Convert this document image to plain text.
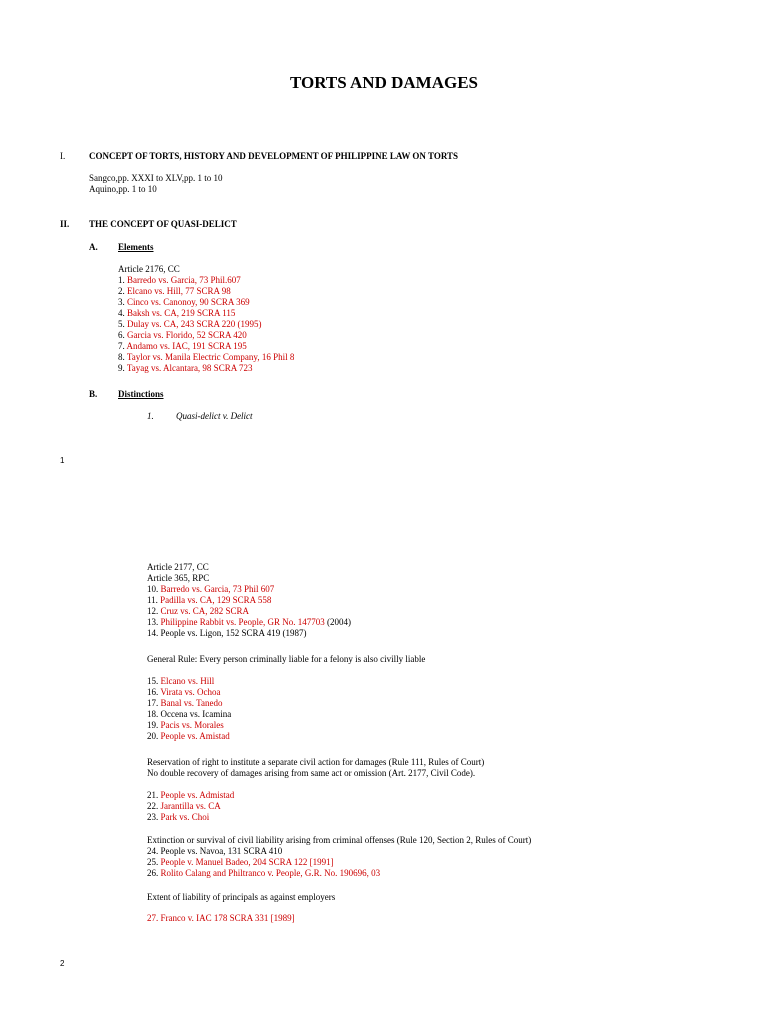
TORTS AND DAMAGES
I.	CONCEPT OF TORTS, HISTORY AND DEVELOPMENT OF PHILIPPINE LAW ON TORTS
Sangco,pp. XXXI to XLV,pp. 1 to 10
Aquino,pp. 1 to 10
II. THE CONCEPT OF QUASI-DELICT
A. Elements
Article 2176, CC
1. Barredo vs. Garcia, 73 Phil.607
2. Elcano vs. Hill, 77 SCRA 98
3. Cinco vs. Canonoy, 90 SCRA 369
4. Baksh vs. CA, 219 SCRA 115
5. Dulay vs. CA, 243 SCRA 220 (1995)
6. Garcia vs. Florido, 52 SCRA 420
7. Andamo vs. IAC, 191 SCRA 195
8. Taylor vs. Manila Electric Company, 16 Phil 8
9. Tayag vs. Alcantara, 98 SCRA 723
B. Distinctions
1. Quasi-delict v. Delict
1
Article 2177, CC
Article 365, RPC
10. Barredo vs. Garcia, 73 Phil 607
11. Padilla vs. CA, 129 SCRA 558
12. Cruz vs. CA, 282 SCRA
13. Philippine Rabbit vs. People, GR No. 147703 (2004)
14. People vs. Ligon, 152 SCRA 419 (1987)
General Rule: Every person criminally liable for a felony is also civilly liable
15. Elcano vs. Hill
16. Virata vs. Ochoa
17. Banal vs. Tanedo
18. Occena vs. Icamina
19. Pacis vs. Morales
20. People vs. Amistad
Reservation of right to institute a separate civil action for damages (Rule 111, Rules of Court)
No double recovery of damages arising from same act or omission (Art. 2177, Civil Code).
21. People vs. Admistad
22. Jarantilla vs. CA
23. Park vs. Choi
Extinction or survival of civil liability arising from criminal offenses (Rule 120, Section 2, Rules of Court)
24. People vs. Navoa, 131 SCRA 410
25. People v. Manuel Badeo, 204 SCRA 122 [1991]
26. Rolito Calang and Philtranco v. People, G.R. No. 190696, 03
Extent of liability of principals as against employers
27. Franco v. IAC 178 SCRA 331 [1989]
2
